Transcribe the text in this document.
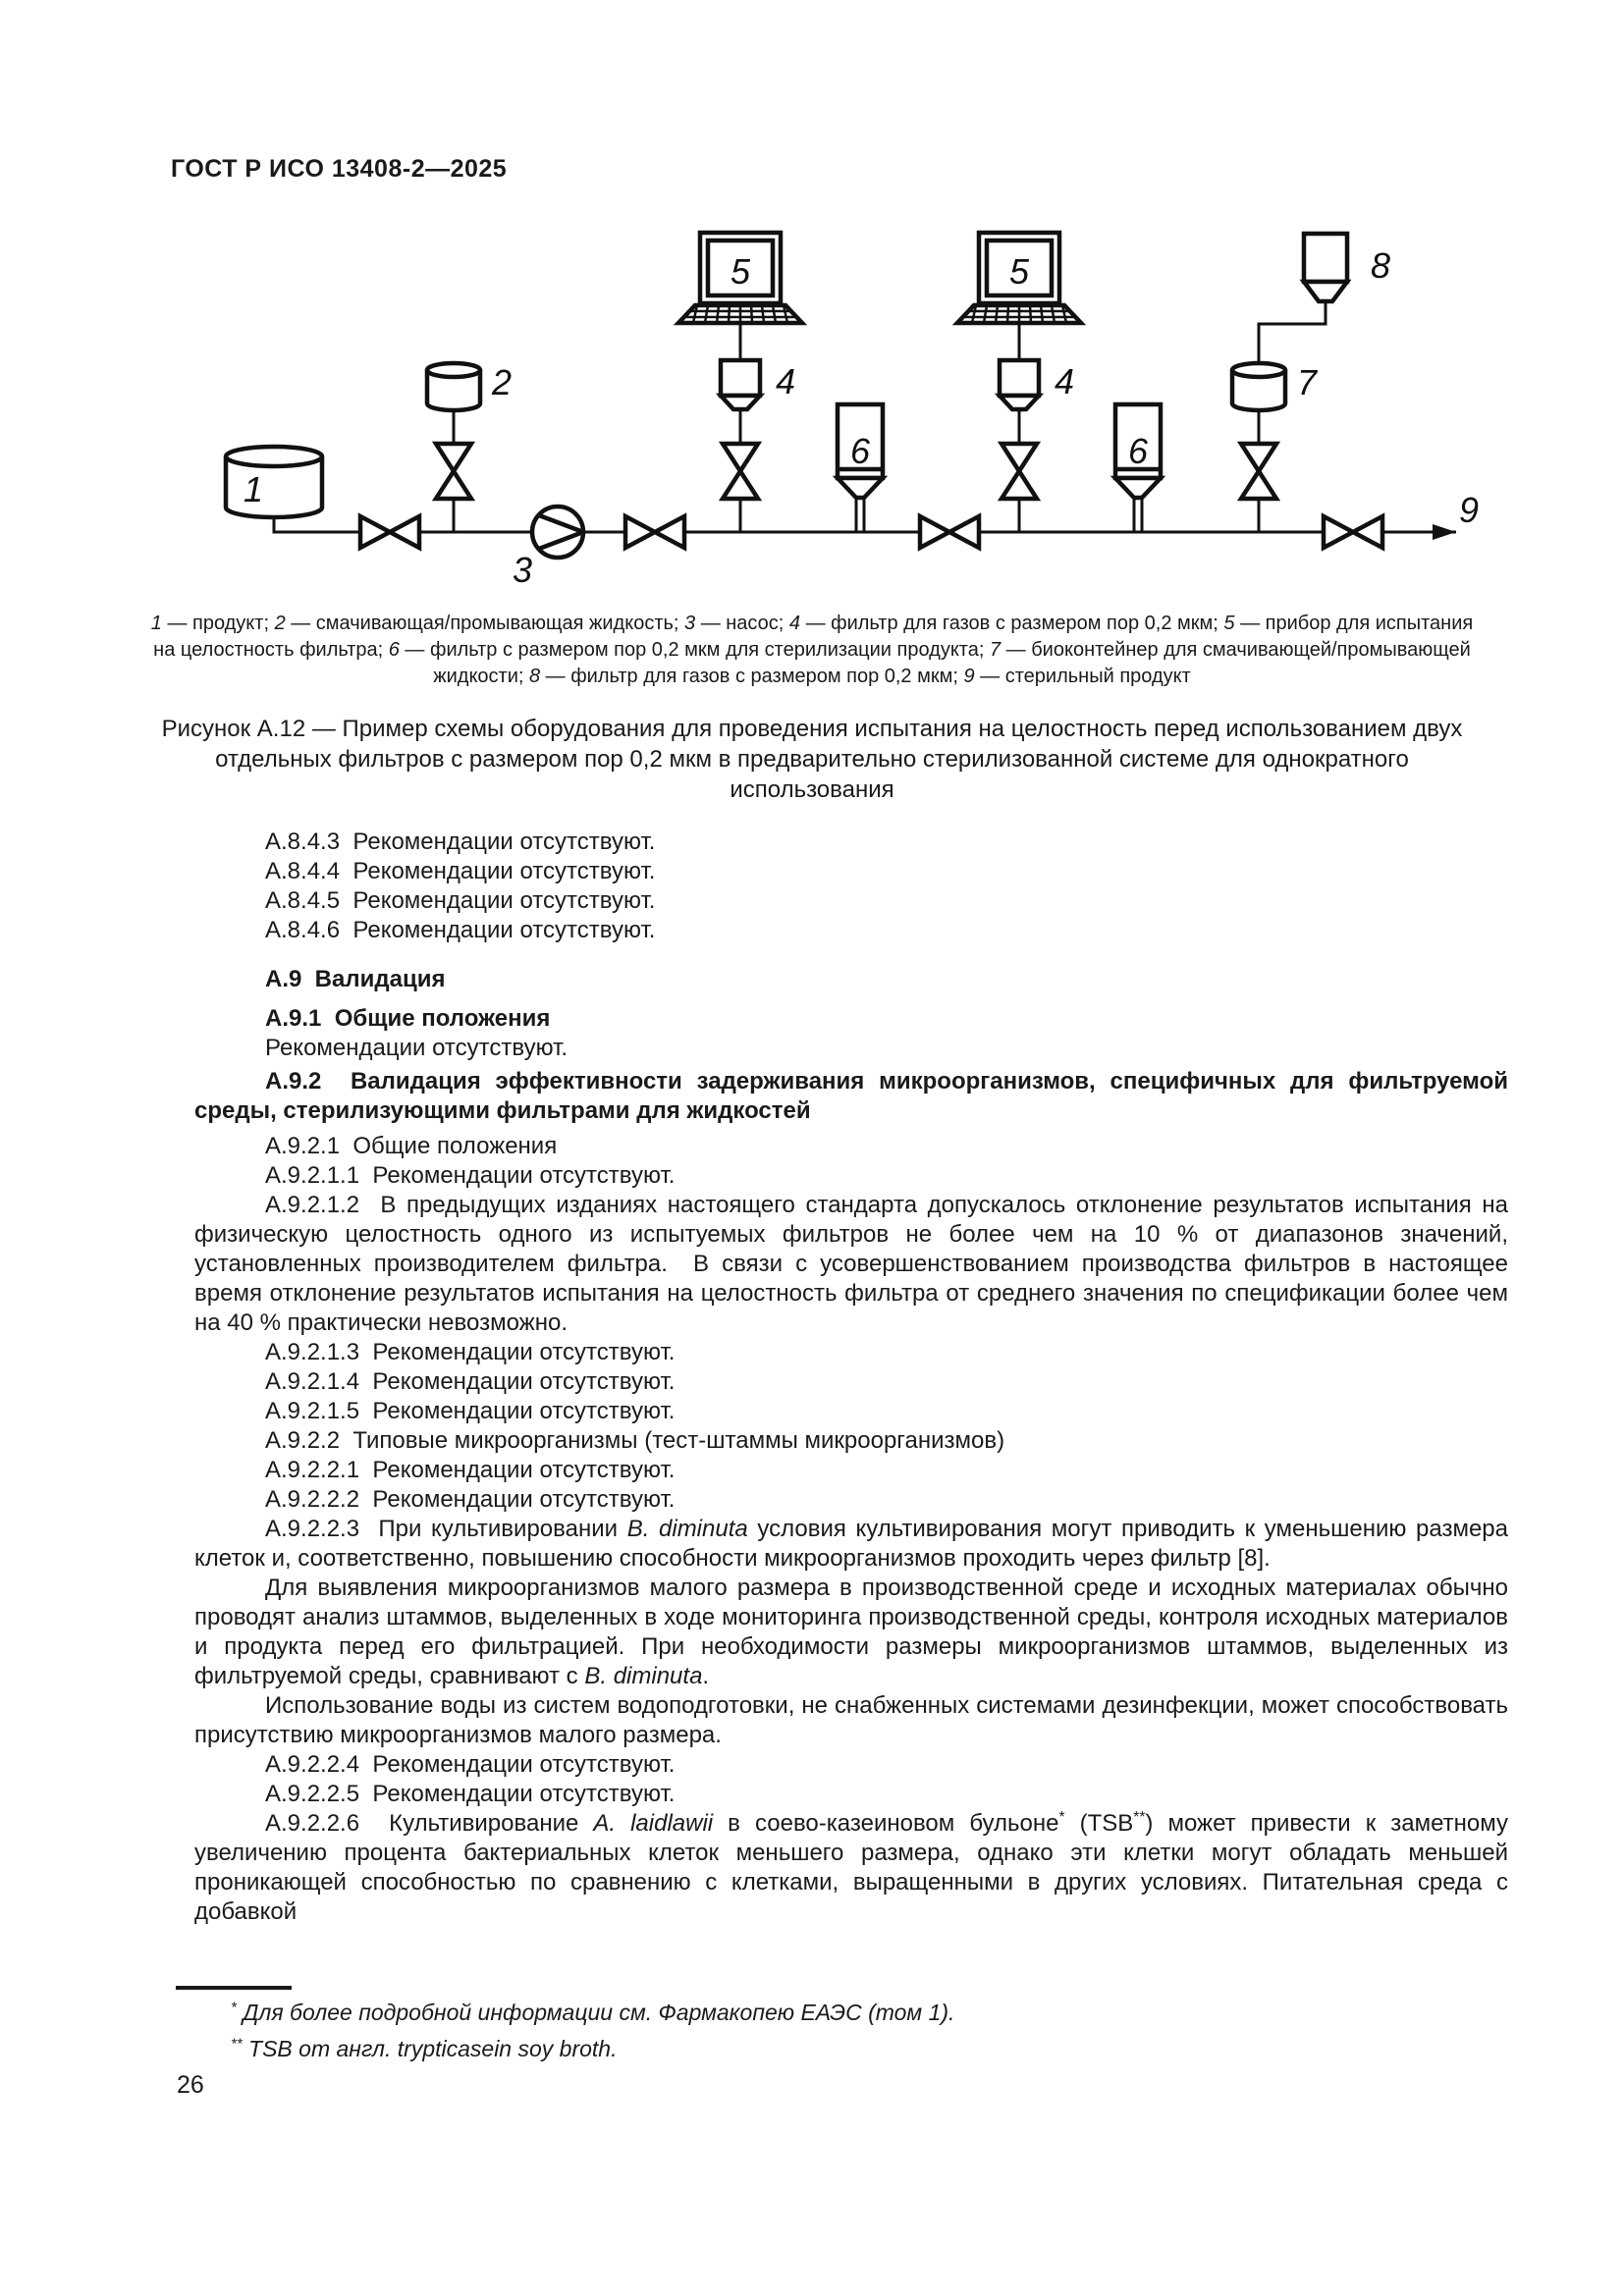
ГОСТ Р ИСО 13408-2—2025
1
2
3
4
5
4
5
6	6
7
8
9
1 — продукт; 2 — смачивающая/промывающая жидкость; 3 — насос; 4 — фильтр для газов с размером пор 0,2 мкм; 5 — прибор для испытания на целостность фильтра; 6 — фильтр с размером пор 0,2 мкм для стерилизации продукта; 7 — биоконтейнер для смачивающей/промывающей жидкости; 8 — фильтр для газов с размером пор 0,2 мкм; 9 — стерильный продукт
Рисунок А.12 — Пример схемы оборудования для проведения испытания на целостность перед использованием двух отдельных фильтров с размером пор 0,2 мкм в предварительно стерилизованной системе для однократного использования

А.8.4.3  Рекомендации отсутствуют.

А.8.4.4  Рекомендации отсутствуют.

А.8.4.5  Рекомендации отсутствуют.

А.8.4.6  Рекомендации отсутствуют.

А.9  Валидация

А.9.1  Общие положения

Рекомендации отсутствуют.

А.9.2  Валидация эффективности задерживания микроорганизмов, специфичных для фильтруемой среды, стерилизующими фильтрами для жидкостей

А.9.2.1  Общие положения

А.9.2.1.1  Рекомендации отсутствуют.

А.9.2.1.2  В предыдущих изданиях настоящего стандарта допускалось отклонение результатов испытания на физическую целостность одного из испытуемых фильтров не более чем на 10 % от диапазонов значений, установленных производителем фильтра.  В связи с усовершенствованием производства фильтров в настоящее время отклонение результатов испытания на целостность фильтра от среднего значения по спецификации более чем на 40 % практически невозможно.

А.9.2.1.3  Рекомендации отсутствуют.

А.9.2.1.4  Рекомендации отсутствуют.

А.9.2.1.5  Рекомендации отсутствуют.

А.9.2.2  Типовые микроорганизмы (тест-штаммы микроорганизмов)

А.9.2.2.1  Рекомендации отсутствуют.

А.9.2.2.2  Рекомендации отсутствуют.

А.9.2.2.3  При культивировании B. diminuta условия культивирования могут приводить к уменьшению размера клеток и, соответственно, повышению способности микроорганизмов проходить через фильтр [8].

Для выявления микроорганизмов малого размера в производственной среде и исходных материалах обычно проводят анализ штаммов, выделенных в ходе мониторинга производственной среды, контроля исходных материалов и продукта перед его фильтрацией. При необходимости размеры микроорганизмов штаммов, выделенных из фильтруемой среды, сравнивают с B. diminuta.

Использование воды из систем водоподготовки, не снабженных системами дезинфекции, может способствовать присутствию микроорганизмов малого размера.

А.9.2.2.4  Рекомендации отсутствуют.

А.9.2.2.5  Рекомендации отсутствуют.

А.9.2.2.6  Культивирование A. laidlawii в соево-казеиновом бульоне* (TSB**) может привести к заметному увеличению процента бактериальных клеток меньшего размера, однако эти клетки могут обладать меньшей проникающей способностью по сравнению с клетками, выращенными в других условиях. Питательная среда с добавкой

* Для более подробной информации см. Фармакопею ЕАЭС (том 1).

** TSB от англ. trypticasein soy broth.

26
